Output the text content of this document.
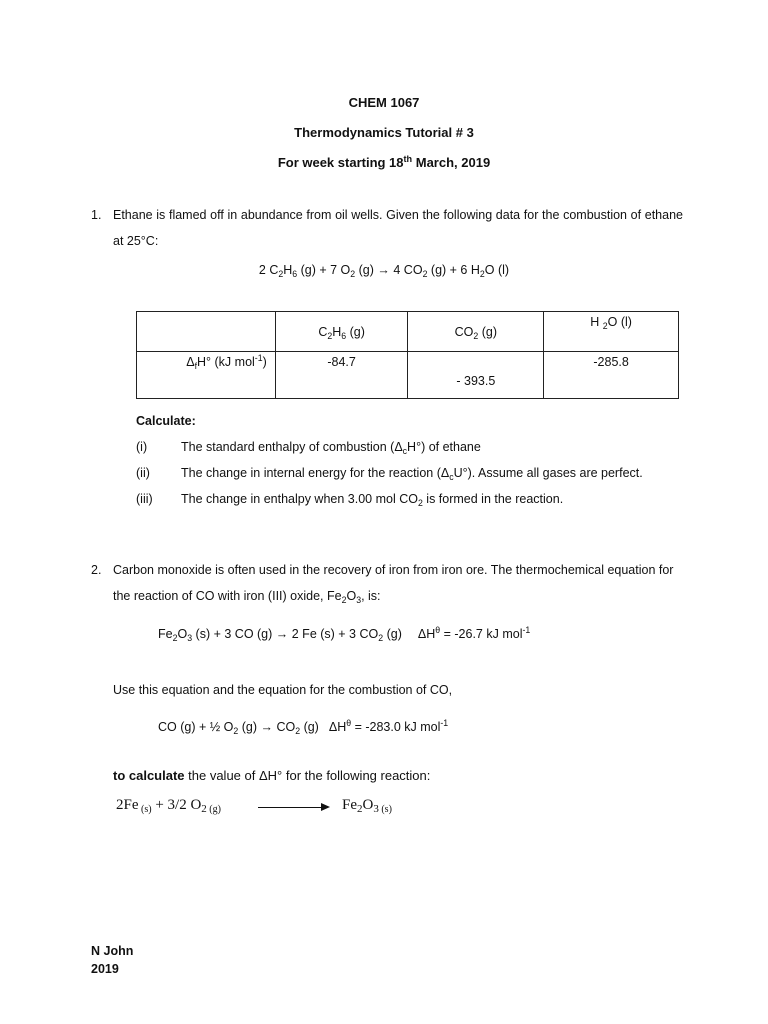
CHEM 1067
Thermodynamics Tutorial # 3
For week starting 18th March, 2019
1. Ethane is flamed off in abundance from oil wells. Given the following data for the combustion of ethane at 25°C:
2 $C_2H_6$ (g) + 7 $O_2$ (g) → 4 $CO_2$ (g) + 6 $H_2O$ (l)
	$C_2H_6$ (g)	$CO_2$ (g)	H $_2$O (l)
$\Delta_fH^\circ$ (kJ mol$^{-1}$)	-84.7	- 393.5	-285.8
Calculate:
(i)	The standard enthalpy of combustion $(\Delta_cH^\circ)$ of ethane
(ii) The change in internal energy for the reaction $(\Delta_cU^\circ)$. Assume all gases are perfect.
(iii) The change in enthalpy when 3.00 mol $CO_2$ is formed in the reaction.
2. Carbon monoxide is often used in the recovery of iron from iron ore. The thermochemical equation for the reaction of CO with iron (III) oxide, $Fe_2O_3$, is:
$Fe_2O_3$ (s) + 3 CO (g) → 2 Fe (s) + 3 $CO_2$ (g) $\Delta H^\theta = -26.7$ kJ mol$^{-1}$
Use this equation and the equation for the combustion of CO,
CO (g) + ½ $O_2$ $(g) \to CO_2$ (g) $\Delta H^\theta = -283.0$ kJ mol$^{-1}$
to calculate the value of ΔH° for the following reaction:
2Fe $_{(s)}$ + 3/2 $O_2$ $_{(g)}$	$Fe_2O_3$ $_{(s)}$
N John
2019
